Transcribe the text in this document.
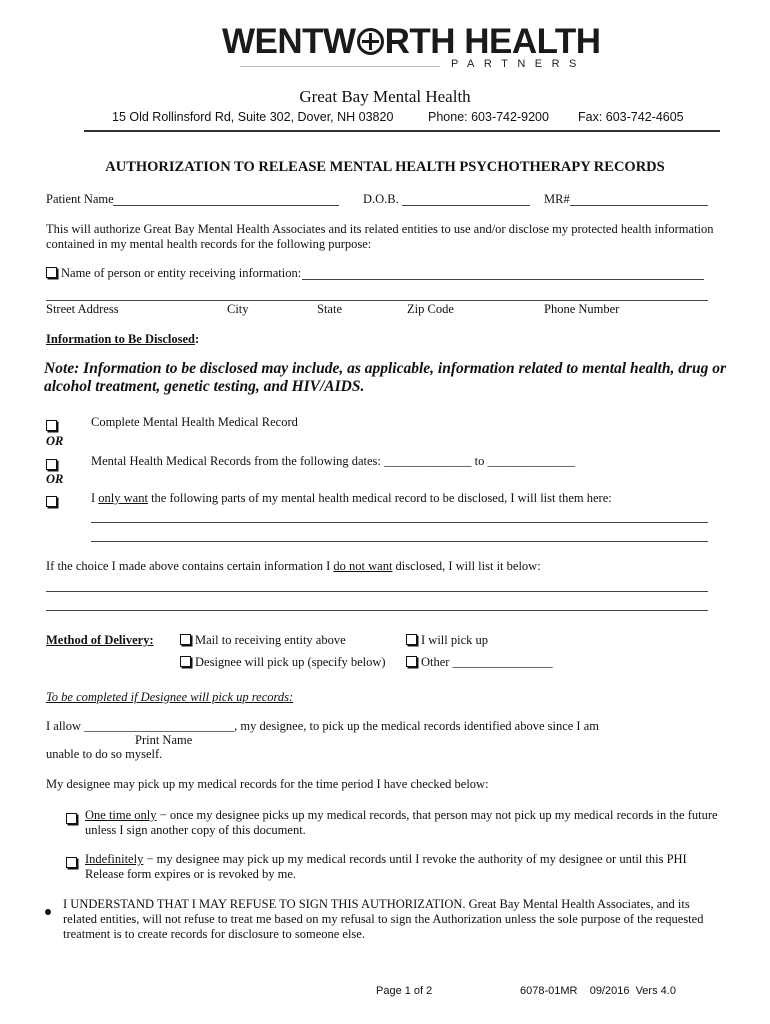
WENTW RTH HEALTH
PARTNERS
Great Bay Mental Health
15 Old Rollinsford Rd, Suite 302, Dover, NH 03820	Phone: 603-742-9200 Fax: 603-742-4605
AUTHORIZATION TO RELEASE MENTAL HEALTH PSYCHOTHERAPY RECORDS
Patient Name	D.O.B.	MR#
This will authorize Great Bay Mental Health Associates and its related entities to use and/or disclose my protected health information
contained in my mental health records for the following purpose:
Name of person or entity receiving information:
Street Address	City	State	Zip Code	Phone Number
Information to Be Disclosed:
Note: Information to be disclosed may include, as applicable, information related to mental health, drug or
alcohol treatment, genetic testing, and HIV/AIDS.
Complete Mental Health Medical Record
OR
Mental Health Medical Records from the following dates: ______________ to ______________
OR
I only want the following parts of my mental health medical record to be disclosed, I will list them here:
If the choice I made above contains certain information I do not want disclosed, I will list it below:
Method of Delivery:	Mail to receiving entity above	I will pick up
Designee will pick up (specify below)	Other ________________
To be completed if Designee will pick up records:
I allow ________________________, my designee, to pick up the medical records identified above since I am
Print Name
unable to do so myself.
My designee may pick up my medical records for the time period I have checked below:
One time only − once my designee picks up my medical records, that person may not pick up my medical records in the future
unless I sign another copy of this document.
Indefinitely − my designee may pick up my medical records until I revoke the authority of my designee or until this PHI
Release form expires or is revoked by me.
I UNDERSTAND THAT I MAY REFUSE TO SIGN THIS AUTHORIZATION. Great Bay Mental Health Associates, and its
related entities, will not refuse to treat me based on my refusal to sign the Authorization unless the sole purpose of the requested
treatment is to create records for disclosure to someone else.
Page 1 of 2	6078-01MR    09/2016  Vers 4.0
